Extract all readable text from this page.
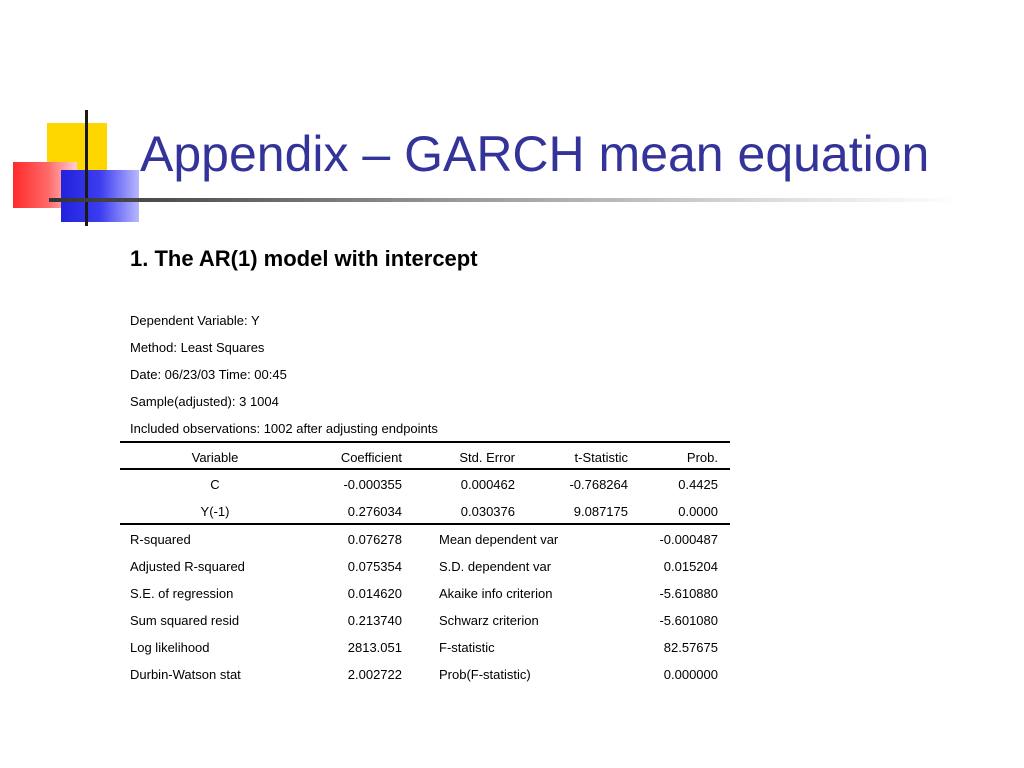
Appendix – GARCH mean equation
1. The AR(1) model with intercept
Dependent Variable: Y
Method: Least Squares
Date: 06/23/03 Time: 00:45
Sample(adjusted): 3 1004
Included observations: 1002 after adjusting endpoints
Variable	Coefficient	Std. Error	t-Statistic	Prob.
C	-0.000355	0.000462	-0.768264	0.4425
Y(-1)	0.276034	0.030376	9.087175	0.0000
R-squared	0.076278	Mean dependent var	-0.000487
Adjusted R-squared	0.075354	S.D. dependent var	0.015204
S.E. of regression	0.014620	Akaike info criterion	-5.610880
Sum squared resid	0.213740	Schwarz criterion	-5.601080
Log likelihood	2813.051	F-statistic	82.57675
Durbin-Watson stat	2.002722	Prob(F-statistic)	0.000000
